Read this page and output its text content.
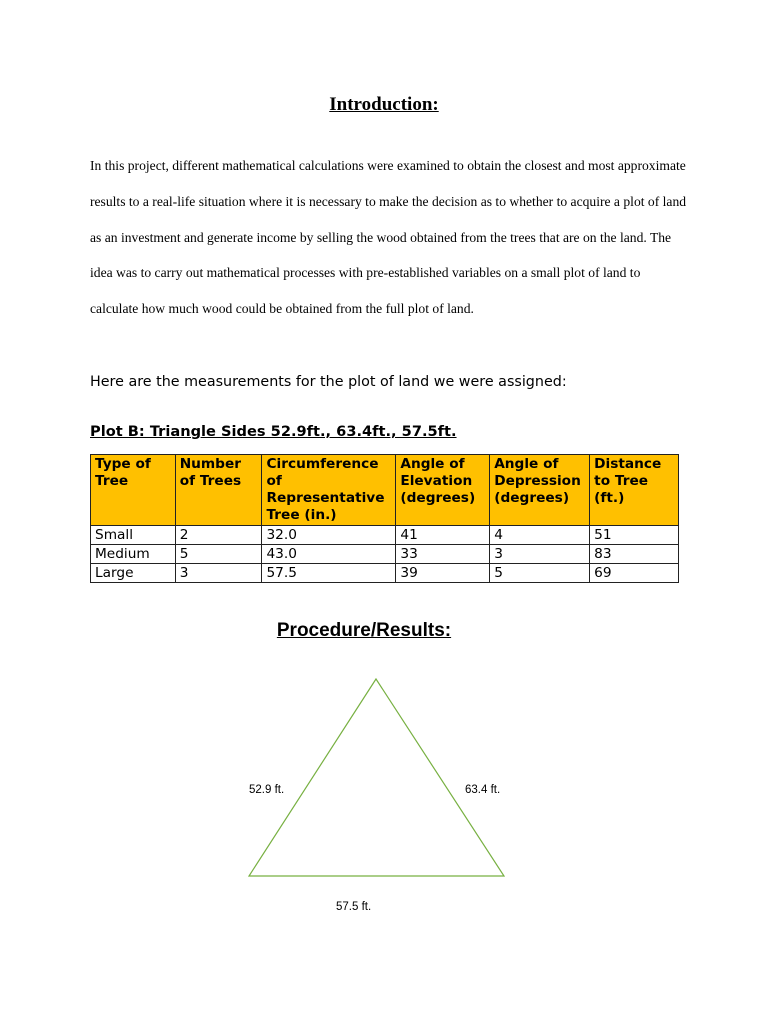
Introduction:

In this project, different mathematical calculations were examined to obtain the closest and most approximate results to a real-life situation where it is necessary to make the decision as to whether to acquire a plot of land as an investment and generate income by selling the wood obtained from the trees that are on the land. The idea was to carry out mathematical processes with pre-established variables on a small plot of land to calculate how much wood could be obtained from the full plot of land.

Here are the measurements for the plot of land we were assigned:
Plot B: Triangle Sides 52.9ft., 63.4ft., 57.5ft.
Type of Tree	Number of Trees	Circumference of Representative Tree (in.)	Angle of Elevation (degrees)	Angle of Depression (degrees)	Distance to Tree (ft.)
Small	2	32.0	41	4	51
Medium	5	43.0	33	3	83
Large	3	57.5	39	5	69
Procedure/Results:
52.9 ft.	63.4 ft.
57.5 ft.
